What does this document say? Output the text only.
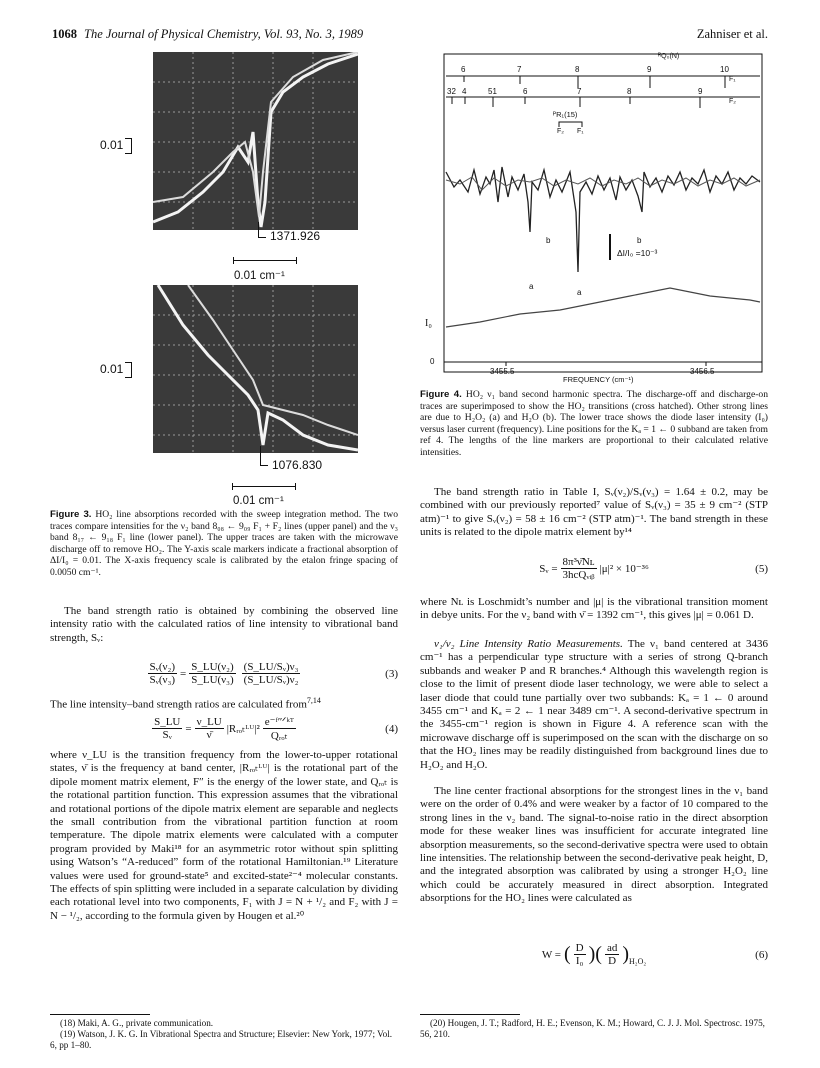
1068 The Journal of Physical Chemistry, Vol. 93, No. 3, 1989	Zahniser et al.
0.01
1371.926
0.01 cm⁻¹
0.01
1076.830
0.01 cm⁻¹
Figure 3. HO₂ line absorptions recorded with the sweep integration method. The two traces compare intensities for the ν₂ band 8₀₈ ← 9₀₉ F₁ + F₂ lines (upper panel) and the ν₃ band 8₁₇ ← 9₁₈ F₁ line (lower panel). The upper traces are taken with the microwave discharge off to remove HO₂. The Y-axis scale markers indicate a fractional absorption of ΔI/I₀ = 0.01. The X-axis frequency scale is calibrated by the etalon fringe spacing of 0.0050 cm⁻¹.

The band strength ratio is obtained by combining the observed line intensity ratio with the calculated ratios of line intensity to vibrational band strength, Sᵥ:

$\frac{\text{Sᵥ(ν₂)}}{\text{Sᵥ(ν₃)}} = \frac{\text{S\_LU(ν₂)}}{\text{S\_LU(ν₃)}} \frac{\text{(S\_LU/Sᵥ)ν₃}}{\text{(S\_LU/Sᵥ)ν₂}}$	(3)
The line intensity–band strength ratios are calculated from$^{7,14}$
$\frac{S\_LU}{\text{Sᵥ}} = \frac{\nu\_LU}{\nū}$ |Rᵣₒₜᴸᵁ|² $\frac{\text{e⁻ᶠʺᐟᵏᵀ}}{\text{Qᵣₒₜ}}$	(4)

where ν_LU is the transition frequency from the lower-to-upper rotational states, ν̄ is the frequency at band center, |Rᵣₒₜᴸᵁ| is the rotational part of the dipole moment matrix element, F″ is the energy of the lower state, and Qᵣₒₜ is the rotational partition function. This expression assumes that the vibrational and rotational portions of the dipole matrix element are separable and neglects the small contribution from the vibrational partition function at room temperature. The dipole matrix elements were calculated with a computer program provided by Maki¹⁸ for an asymmetric rotor without spin splitting using Watson’s “A-reduced” form of the rotational Hamiltonian.¹⁹ Literature values were used for ground-state⁵ and excited-state²⁻⁴ molecular constants. The effects of spin splitting were included in a separate calculation by dividing each rotational level into two components, F₁ with J = N + ¹/₂ and F₂ with J = N − ¹/₂, according to the formula given by Hougen et al.²⁰

(18) Maki, A. G., private communication.
(19) Watson, J. K. G. In Vibrational Spectra and Structure; Elsevier: New York, 1977; Vol. 6, pp 1–80.
6	7	8	9	10
ᴿQ₀(N)
F₁
F₂
32 4	51	6	7	8	9
ᴾR₁(15)
F₂ F₁
b	b
a
a
ΔI/I₀ =10⁻³
I₀
0
3455.5	3456.5
FREQUENCY (cm⁻¹)
Figure 4. HO₂ ν₁ band second harmonic spectra. The discharge-off and discharge-on traces are superimposed to show the HO₂ transitions (cross hatched). Other strong lines are due to H₂O₂ (a) and H₂O (b). The lower trace shows the diode laser intensity (I₀) versus laser current (frequency). Line positions for the Kₐ = 1 ← 0 subband are taken from ref 4. The lengths of the line markers are proportional to their calculated relative intensities.

The band strength ratio in Table I, Sᵥ(ν₂)/Sᵥ(ν₃) = 1.64 ± 0.2, may be combined with our previously reported⁷ value of Sᵥ(ν₃) = 35 ± 9 cm⁻² (STP atm)⁻¹ to give Sᵥ(ν₂) = 58 ± 16 cm⁻² (STP atm)⁻¹. The band strength in these units is related to the dipole matrix element by¹⁴

Sᵥ = $\frac{\text{8π³ν̄Nʟ}}{\text{3hcQᵥᵢᵦ}} |\mu|^2 \times 10^{-36}$	(5)

where Nʟ is Loschmidt’s number and |μ| is the vibrational transition moment in debye units. For the ν₂ band with ν̄ = 1392 cm⁻¹, this gives |μ| = 0.061 D.

ν₁/ν₂ Line Intensity Ratio Measurements. The ν₁ band centered at 3436 cm⁻¹ has a perpendicular type structure with a series of strong Q-branch subbands and weaker P and R branches.⁴ Although this wavelength region is close to the limit of present diode laser technology, we were able to select a laser diode that could tune partially over two subbands: Kₐ = 1 ← 0 around 3455 cm⁻¹ and Kₐ = 2 ← 1 near 3489 cm⁻¹. A second-derivative spectrum in the 3455-cm⁻¹ region is shown in Figure 4. A reference scan with the microwave discharge off is superimposed on the scan with the discharge on so that the HO₂ lines may be readily distinguished from background lines due to H₂O₂ and H₂O.

The line center fractional absorptions for the strongest lines in the ν₁ band were on the order of 0.4% and were weaker by a factor of 10 compared to the strong lines in the ν₂ band. The signal-to-noise ratio in the direct absorption mode for these weaker lines was insufficient for accurate integrated line absorption measurements, so the second-derivative spectra were used to obtain line intensities. The relationship between the second-derivative peak height, D, and the integrated absorption was calibrated by using a stronger H₂O₂ line which could be accurately measured in direct absorption. Integrated absorptions for the HO₂ lines were calculated as

W = ( $\frac{D}{\text{I₀}}$ )( $\frac{ad}{D}$ ) H₂O₂
(6)
(20) Hougen, J. T.; Radford, H. E.; Evenson, K. M.; Howard, C. J. J. Mol. Spectrosc. 1975, 56, 210.
